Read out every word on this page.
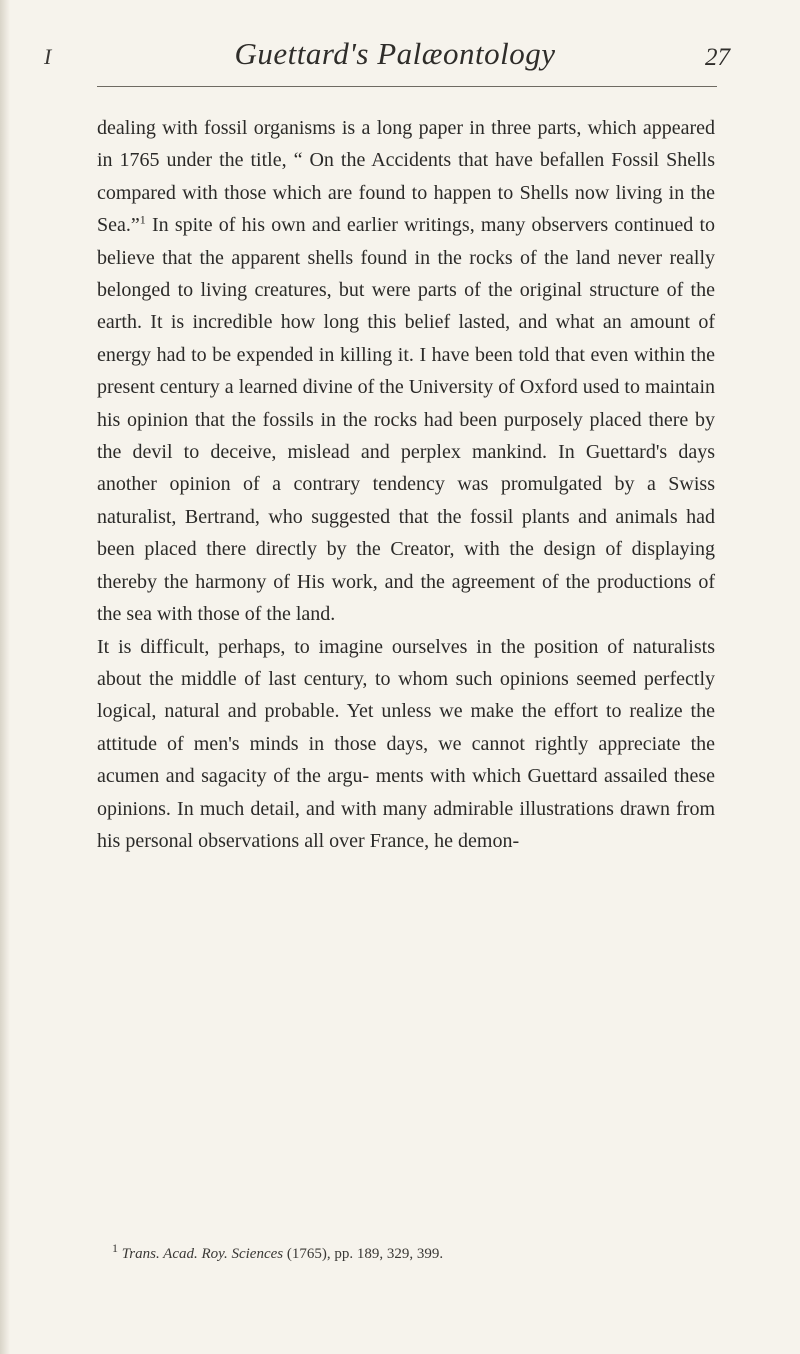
I	Guettard's Palæontology	27

dealing with fossil organisms is a long paper in three parts, which appeared in 1765 under the title, “ On the Accidents that have befallen Fossil Shells compared with those which are found to happen to Shells now living in the Sea.”$^1$ In spite of his own and earlier writings, many observers continued to believe that the apparent shells found in the rocks of the land never really belonged to living creatures, but were parts of the original structure of the earth. It is incredible how long this belief lasted, and what an amount of energy had to be expended in killing it. I have been told that even within the present century a learned divine of the University of Oxford used to maintain his opinion that the fossils in the rocks had been purposely placed there by the devil to deceive, mislead and perplex mankind. In Guettard's days another opinion of a contrary tendency was promulgated by a Swiss naturalist, Bertrand, who suggested that the fossil plants and animals had been placed there directly by the Creator, with the design of displaying thereby the harmony of His work, and the agreement of the productions of the sea with those of the land.

It is difficult, perhaps, to imagine ourselves in the position of naturalists about the middle of last century, to whom such opinions seemed perfectly logical, natural and probable. Yet unless we make the effort to realize the attitude of men's minds in those days, we cannot rightly appreciate the acumen and sagacity of the argu- ments with which Guettard assailed these opinions. In much detail, and with many admirable illustrations drawn from his personal observations all over France, he demon-

$^1$ Trans. Acad. Roy. Sciences (1765), pp. 189, 329, 399.
